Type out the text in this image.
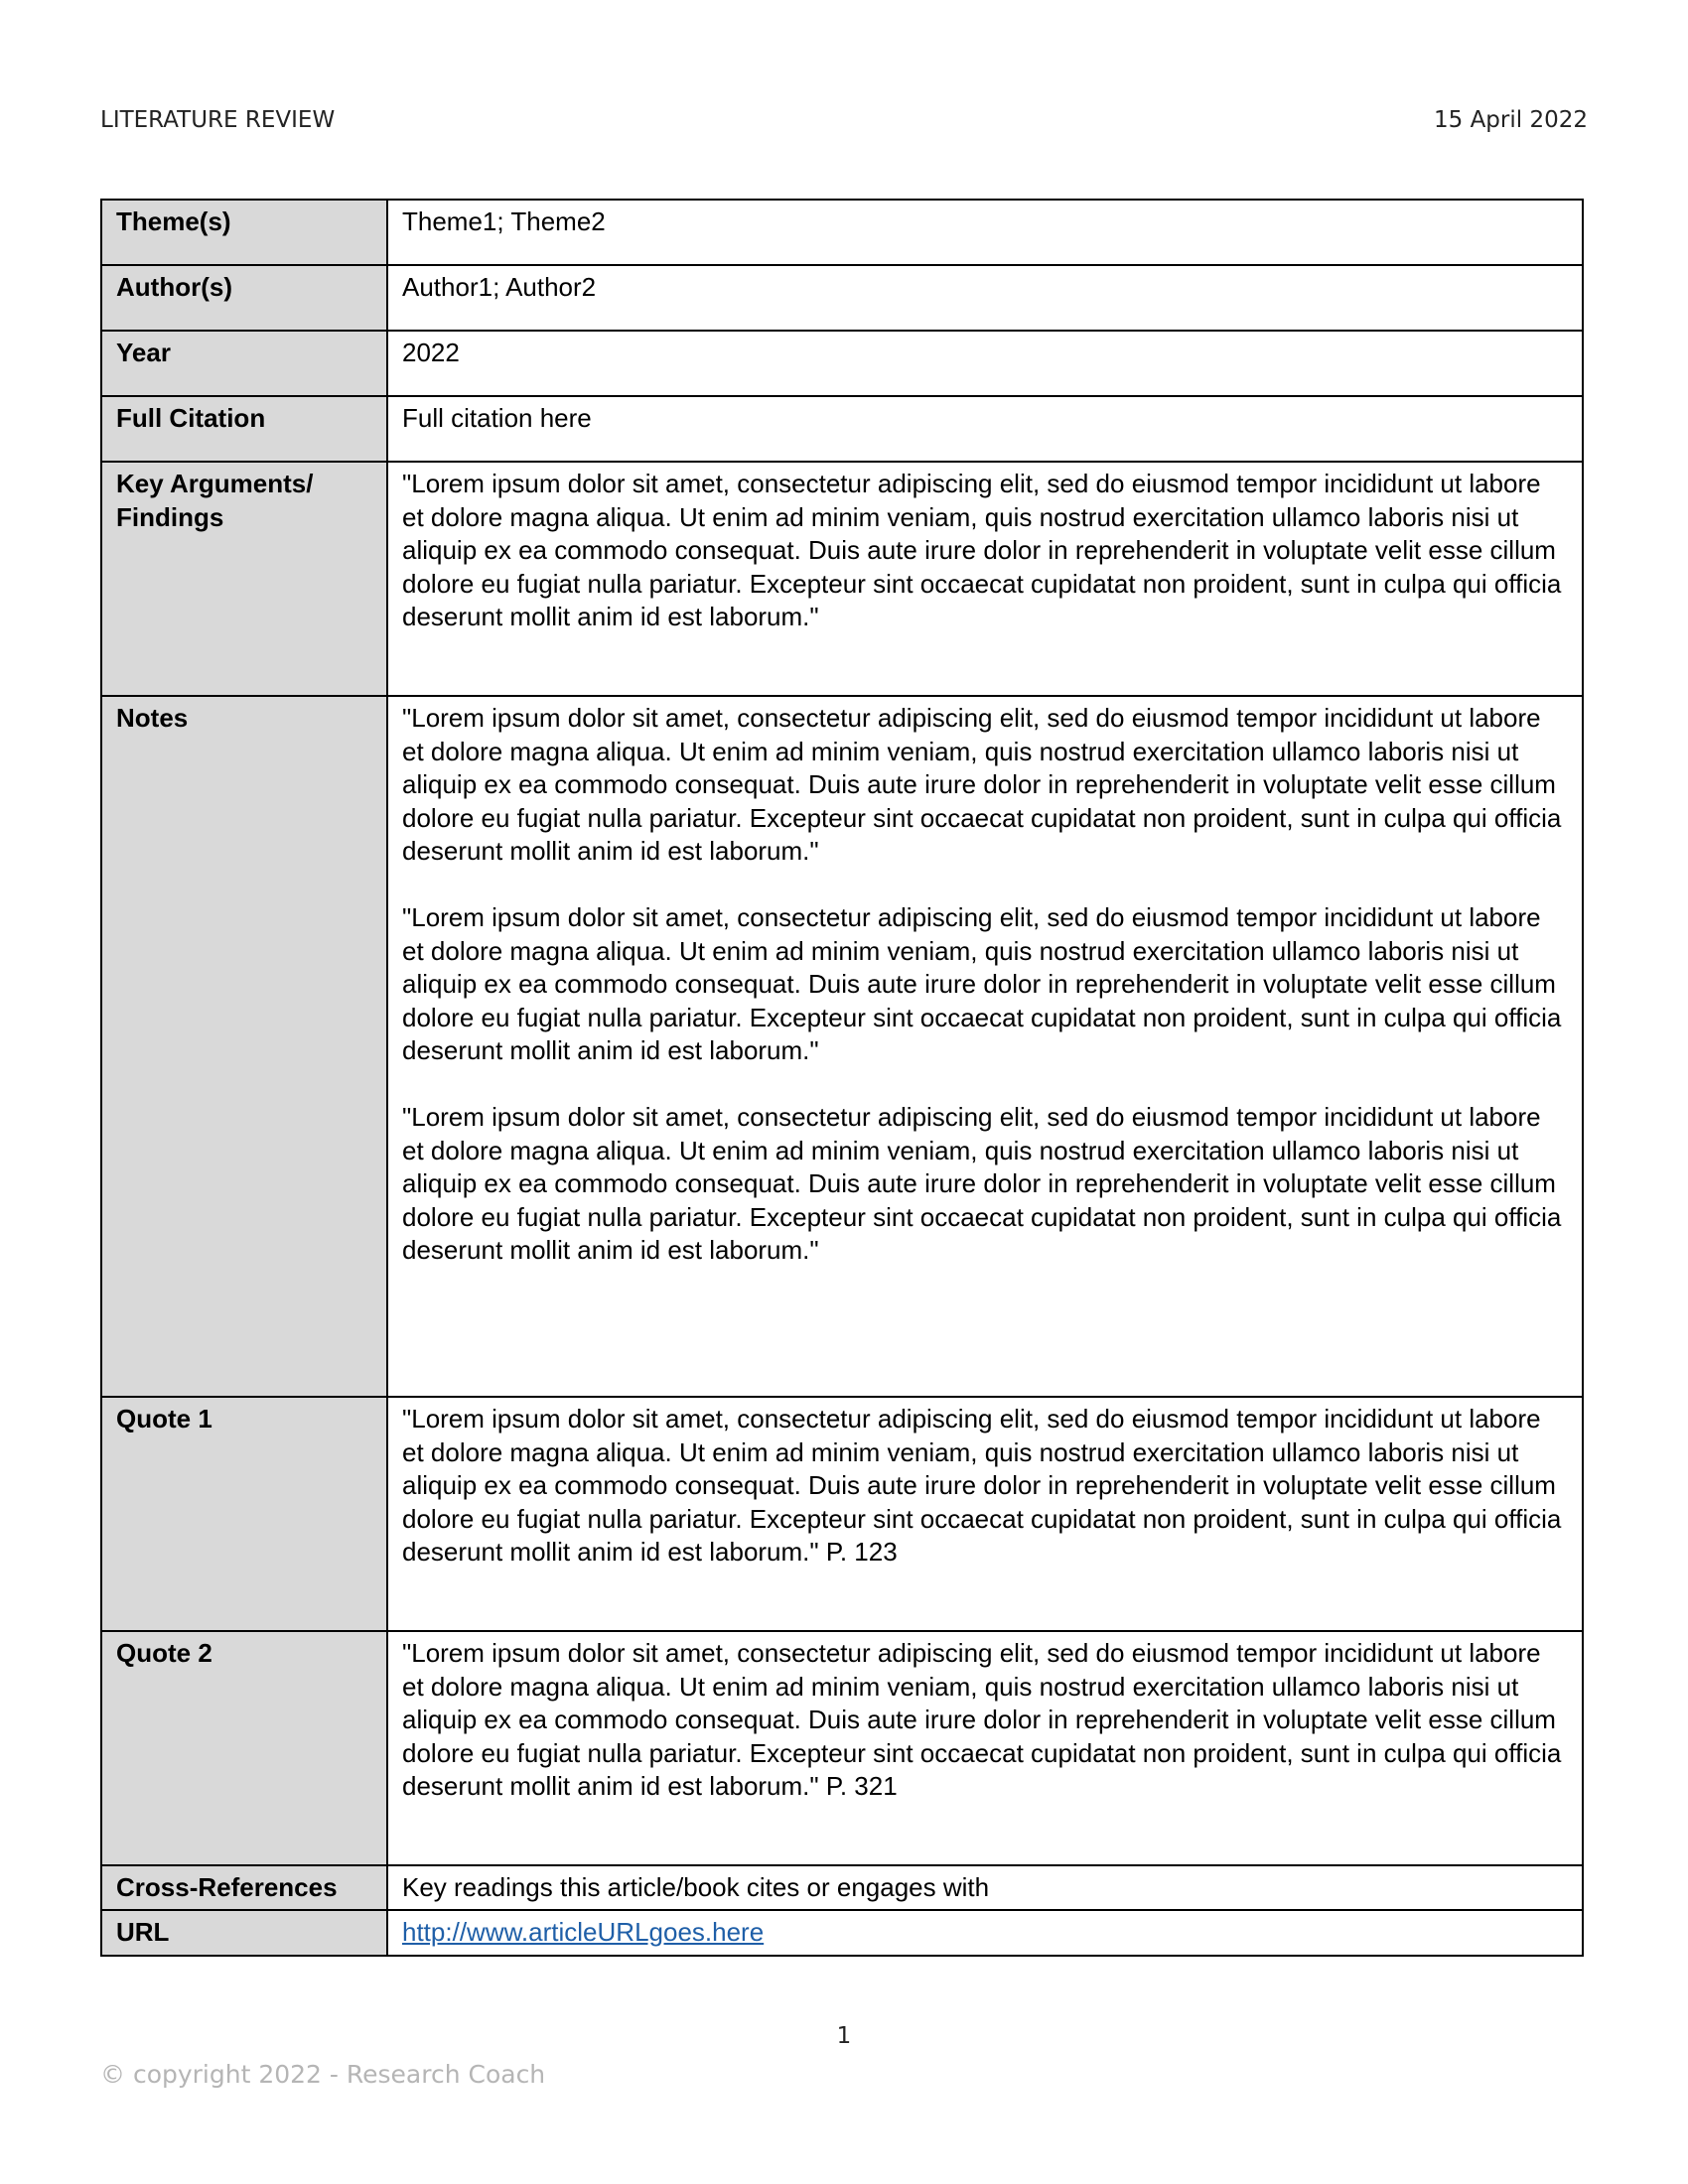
LITERATURE REVIEW	15 April 2022
Theme(s)	Theme1; Theme2

Author(s)	Author1; Author2

Year	2022

Full Citation	Full citation here

Key Arguments/ Findings	"Lorem ipsum dolor sit amet, consectetur adipiscing elit, sed do eiusmod tempor incididunt ut labore et dolore magna aliqua. Ut enim ad minim veniam, quis nostrud exercitation ullamco laboris nisi ut aliquip ex ea commodo consequat. Duis aute irure dolor in reprehenderit in voluptate velit esse cillum dolore eu fugiat nulla pariatur. Excepteur sint occaecat cupidatat non proident, sunt in culpa qui officia deserunt mollit anim id est laborum."

Notes	"Lorem ipsum dolor sit amet, consectetur adipiscing elit, sed do eiusmod tempor incididunt ut labore et dolore magna aliqua. Ut enim ad minim veniam, quis nostrud exercitation ullamco laboris nisi ut aliquip ex ea commodo consequat. Duis aute irure dolor in reprehenderit in voluptate velit esse cillum dolore eu fugiat nulla pariatur. Excepteur sint occaecat cupidatat non proident, sunt in culpa qui officia deserunt mollit anim id est laborum."
"Lorem ipsum dolor sit amet, consectetur adipiscing elit, sed do eiusmod tempor incididunt ut labore et dolore magna aliqua. Ut enim ad minim veniam, quis nostrud exercitation ullamco laboris nisi ut aliquip ex ea commodo consequat. Duis aute irure dolor in reprehenderit in voluptate velit esse cillum dolore eu fugiat nulla pariatur. Excepteur sint occaecat cupidatat non proident, sunt in culpa qui officia deserunt mollit anim id est laborum."
"Lorem ipsum dolor sit amet, consectetur adipiscing elit, sed do eiusmod tempor incididunt ut labore et dolore magna aliqua. Ut enim ad minim veniam, quis nostrud exercitation ullamco laboris nisi ut aliquip ex ea commodo consequat. Duis aute irure dolor in reprehenderit in voluptate velit esse cillum dolore eu fugiat nulla pariatur. Excepteur sint occaecat cupidatat non proident, sunt in culpa qui officia deserunt mollit anim id est laborum."

Quote 1	"Lorem ipsum dolor sit amet, consectetur adipiscing elit, sed do eiusmod tempor incididunt ut labore et dolore magna aliqua. Ut enim ad minim veniam, quis nostrud exercitation ullamco laboris nisi ut aliquip ex ea commodo consequat. Duis aute irure dolor in reprehenderit in voluptate velit esse cillum dolore eu fugiat nulla pariatur. Excepteur sint occaecat cupidatat non proident, sunt in culpa qui officia deserunt mollit anim id est laborum." P. 123

Quote 2	"Lorem ipsum dolor sit amet, consectetur adipiscing elit, sed do eiusmod tempor incididunt ut labore et dolore magna aliqua. Ut enim ad minim veniam, quis nostrud exercitation ullamco laboris nisi ut aliquip ex ea commodo consequat. Duis aute irure dolor in reprehenderit in voluptate velit esse cillum dolore eu fugiat nulla pariatur. Excepteur sint occaecat cupidatat non proident, sunt in culpa qui officia deserunt mollit anim id est laborum." P. 321

Cross-References	Key readings this article/book cites or engages with

URL	http://www.articleURLgoes.here
1
© copyright 2022 - Research Coach
